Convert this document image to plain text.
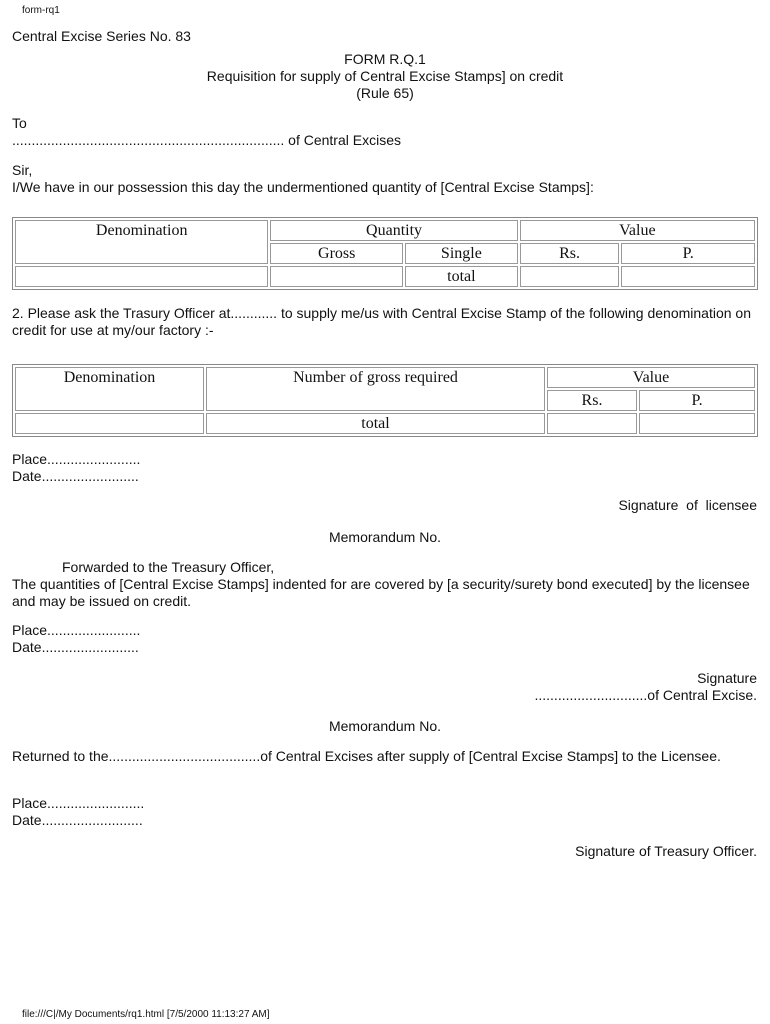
form-rq1
Central Excise Series No. 83
FORM R.Q.1
Requisition for supply of Central Excise Stamps] on credit
(Rule 65)
To
...................................................................... of Central Excises
Sir,
I/We have in our possession this day the undermentioned quantity of [Central Excise Stamps]:
Denomination	Quantity		Value	
	Gross	Single	Rs.	P.
		total		
2. Please ask the Trasury Officer at............ to supply me/us with Central Excise Stamp of the following denomination on credit for use at my/our factory :-
Denomination	Number of gross required	Value	
		Rs.	P.
	total		
Place........................
Date.........................
Signature  of  licensee
Memorandum No.
Forwarded to the Treasury Officer,
The quantities of [Central Excise Stamps] indented for are covered by [a security/surety bond executed] by the licensee and may be issued on credit.
Place........................
Date.........................
Signature
.............................of Central Excise.
Memorandum No.
Returned to the.......................................of Central Excises after supply of [Central Excise Stamps] to the Licensee.
Place.........................
Date..........................
Signature of Treasury Officer.
file:///C|/My Documents/rq1.html [7/5/2000 11:13:27 AM]
